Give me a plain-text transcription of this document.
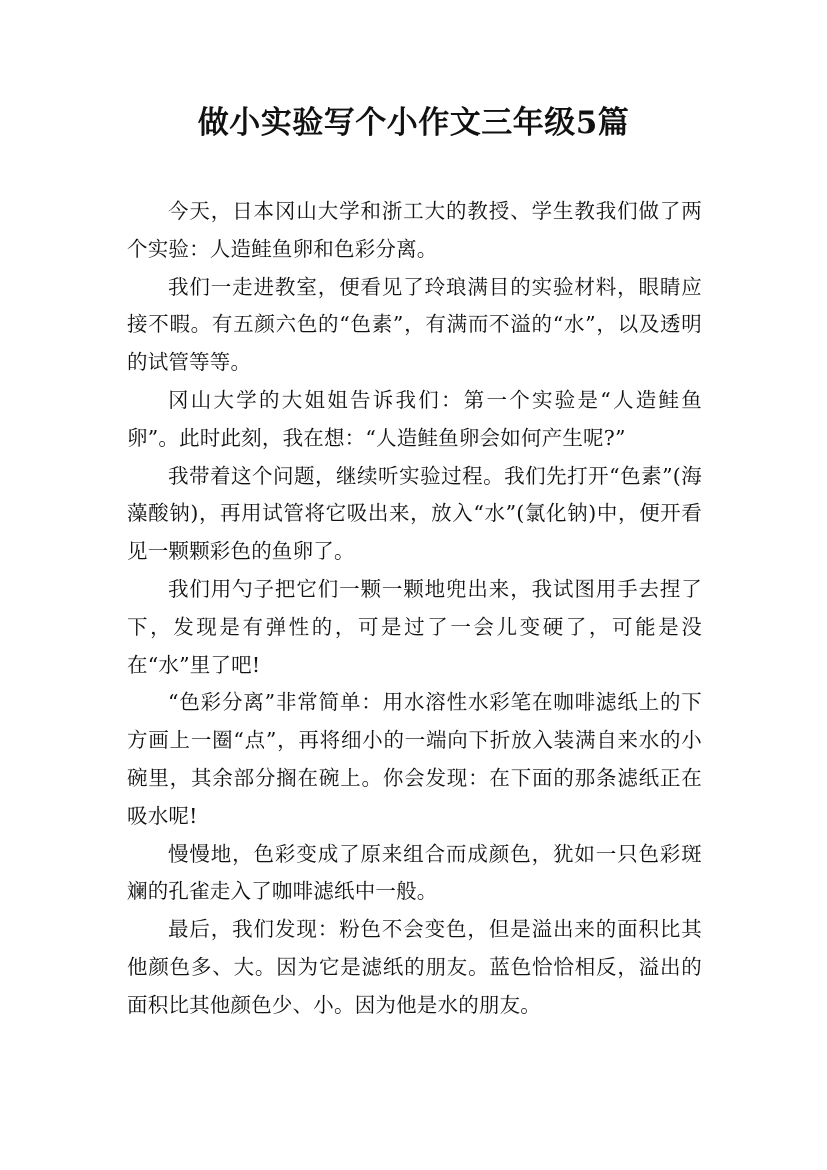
做小实验写个小作文三年级5篇

今天，日本冈山大学和浙工大的教授、学生教我们做了两个实验：人造鲑鱼卵和色彩分离。

我们一走进教室，便看见了玲琅满目的实验材料，眼睛应接不暇。有五颜六色的“色素”，有满而不溢的“水”，以及透明的试管等等。

冈山大学的大姐姐告诉我们：第一个实验是“人造鲑鱼卵”。此时此刻，我在想：“人造鲑鱼卵会如何产生呢?”

我带着这个问题，继续听实验过程。我们先打开“色素”(海藻酸钠)，再用试管将它吸出来，放入“水”(氯化钠)中，便开看见一颗颗彩色的鱼卵了。

我们用勺子把它们一颗一颗地兜出来，我试图用手去捏了下，发现是有弹性的，可是过了一会儿变硬了，可能是没在“水”里了吧!

“色彩分离”非常简单：用水溶性水彩笔在咖啡滤纸上的下方画上一圈“点”，再将细小的一端向下折放入装满自来水的小碗里，其余部分搁在碗上。你会发现：在下面的那条滤纸正在吸水呢!

慢慢地，色彩变成了原来组合而成颜色，犹如一只色彩斑斓的孔雀走入了咖啡滤纸中一般。

最后，我们发现：粉色不会变色，但是溢出来的面积比其他颜色多、大。因为它是滤纸的朋友。蓝色恰恰相反，溢出的面积比其他颜色少、小。因为他是水的朋友。
